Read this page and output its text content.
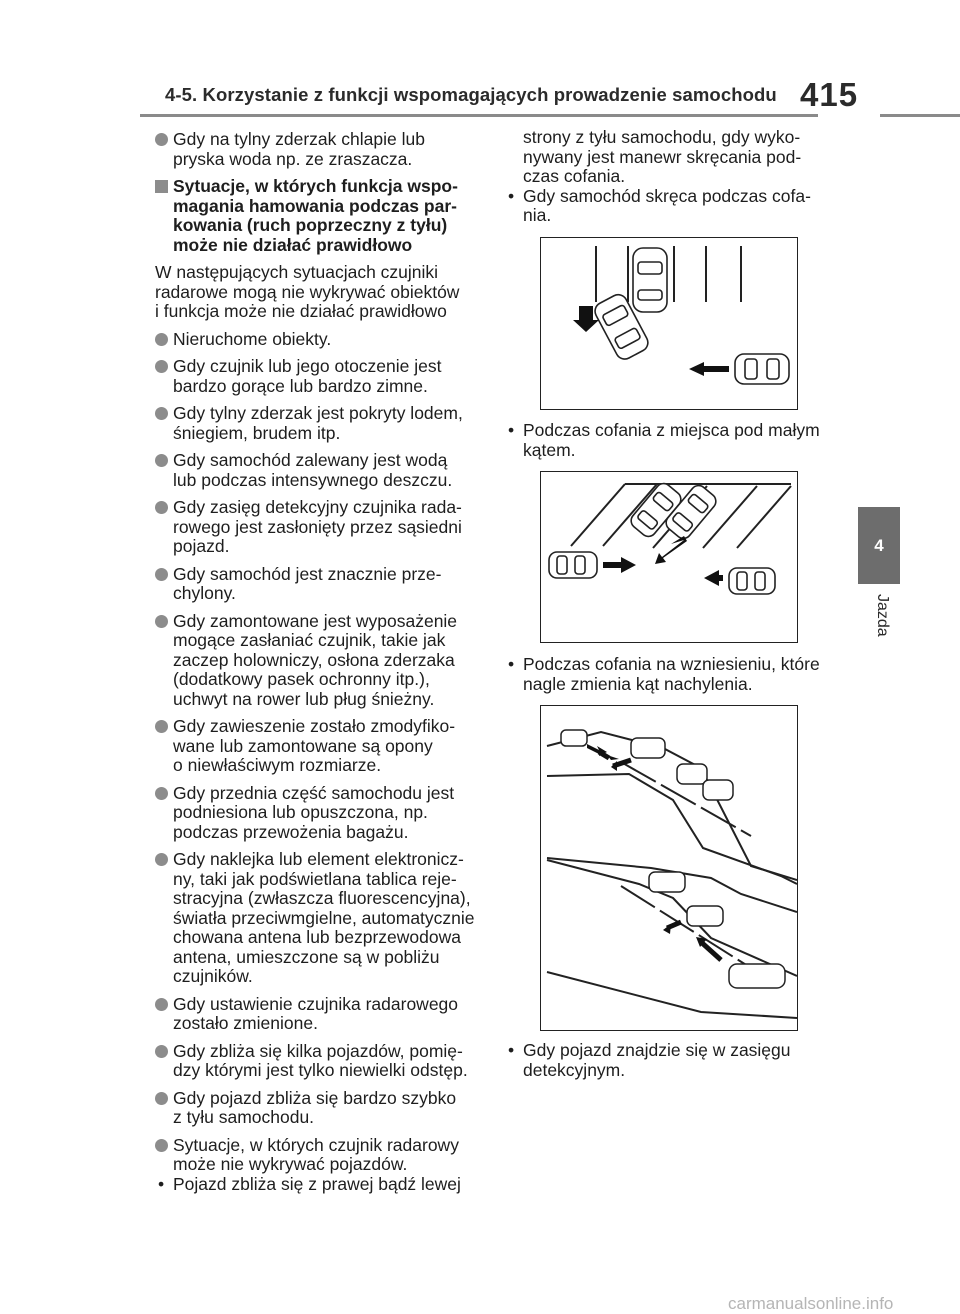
4-5. Korzystanie z funkcji wspomagających prowadzenie samochodu 415
4
Jazda
Gdy na tylny zderzak chlapie lub
pryska woda np. ze zraszacza.
Sytuacje, w których funkcja wspo-
magania hamowania podczas par-
kowania (ruch poprzeczny z tyłu)
może nie działać prawidłowo
W następujących sytuacjach czujniki
radarowe mogą nie wykrywać obiektów
i funkcja może nie działać prawidłowo
Nieruchome obiekty.
Gdy czujnik lub jego otoczenie jest
bardzo gorące lub bardzo zimne.
Gdy tylny zderzak jest pokryty lodem,
śniegiem, brudem itp.
Gdy samochód zalewany jest wodą
lub podczas intensywnego deszczu.
Gdy zasięg detekcyjny czujnika rada-
rowego jest zasłonięty przez sąsiedni
pojazd.
Gdy samochód jest znacznie prze-
chylony.
Gdy zamontowane jest wyposażenie
mogące zasłaniać czujnik, takie jak
zaczep holowniczy, osłona zderzaka
(dodatkowy pasek ochronny itp.),
uchwyt na rower lub pług śnieżny.
Gdy zawieszenie zostało zmodyfiko-
wane lub zamontowane są opony
o niewłaściwym rozmiarze.
Gdy przednia część samochodu jest
podniesiona lub opuszczona, np.
podczas przewożenia bagażu.
Gdy naklejka lub element elektronicz-
ny, taki jak podświetlana tablica reje-
stracyjna (zwłaszcza fluorescencyjna),
światła przeciwmgielne, automatycznie
chowana antena lub bezprzewodowa
antena, umieszczone są w pobliżu
czujników.
Gdy ustawienie czujnika radarowego
zostało zmienione.
Gdy zbliża się kilka pojazdów, pomię-
dzy którymi jest tylko niewielki odstęp.
Gdy pojazd zbliża się bardzo szybko
z tyłu samochodu.
Sytuacje, w których czujnik radarowy
może nie wykrywać pojazdów.
• Pojazd zbliża się z prawej bądź lewej
strony z tyłu samochodu, gdy wyko-
nywany jest manewr skręcania pod-
czas cofania.
• Gdy samochód skręca podczas cofa-
nia.
• Podczas cofania z miejsca pod małym
kątem.
• Podczas cofania na wzniesieniu, które
nagle zmienia kąt nachylenia.
• Gdy pojazd znajdzie się w zasięgu
detekcyjnym.
carmanualsonline.info
